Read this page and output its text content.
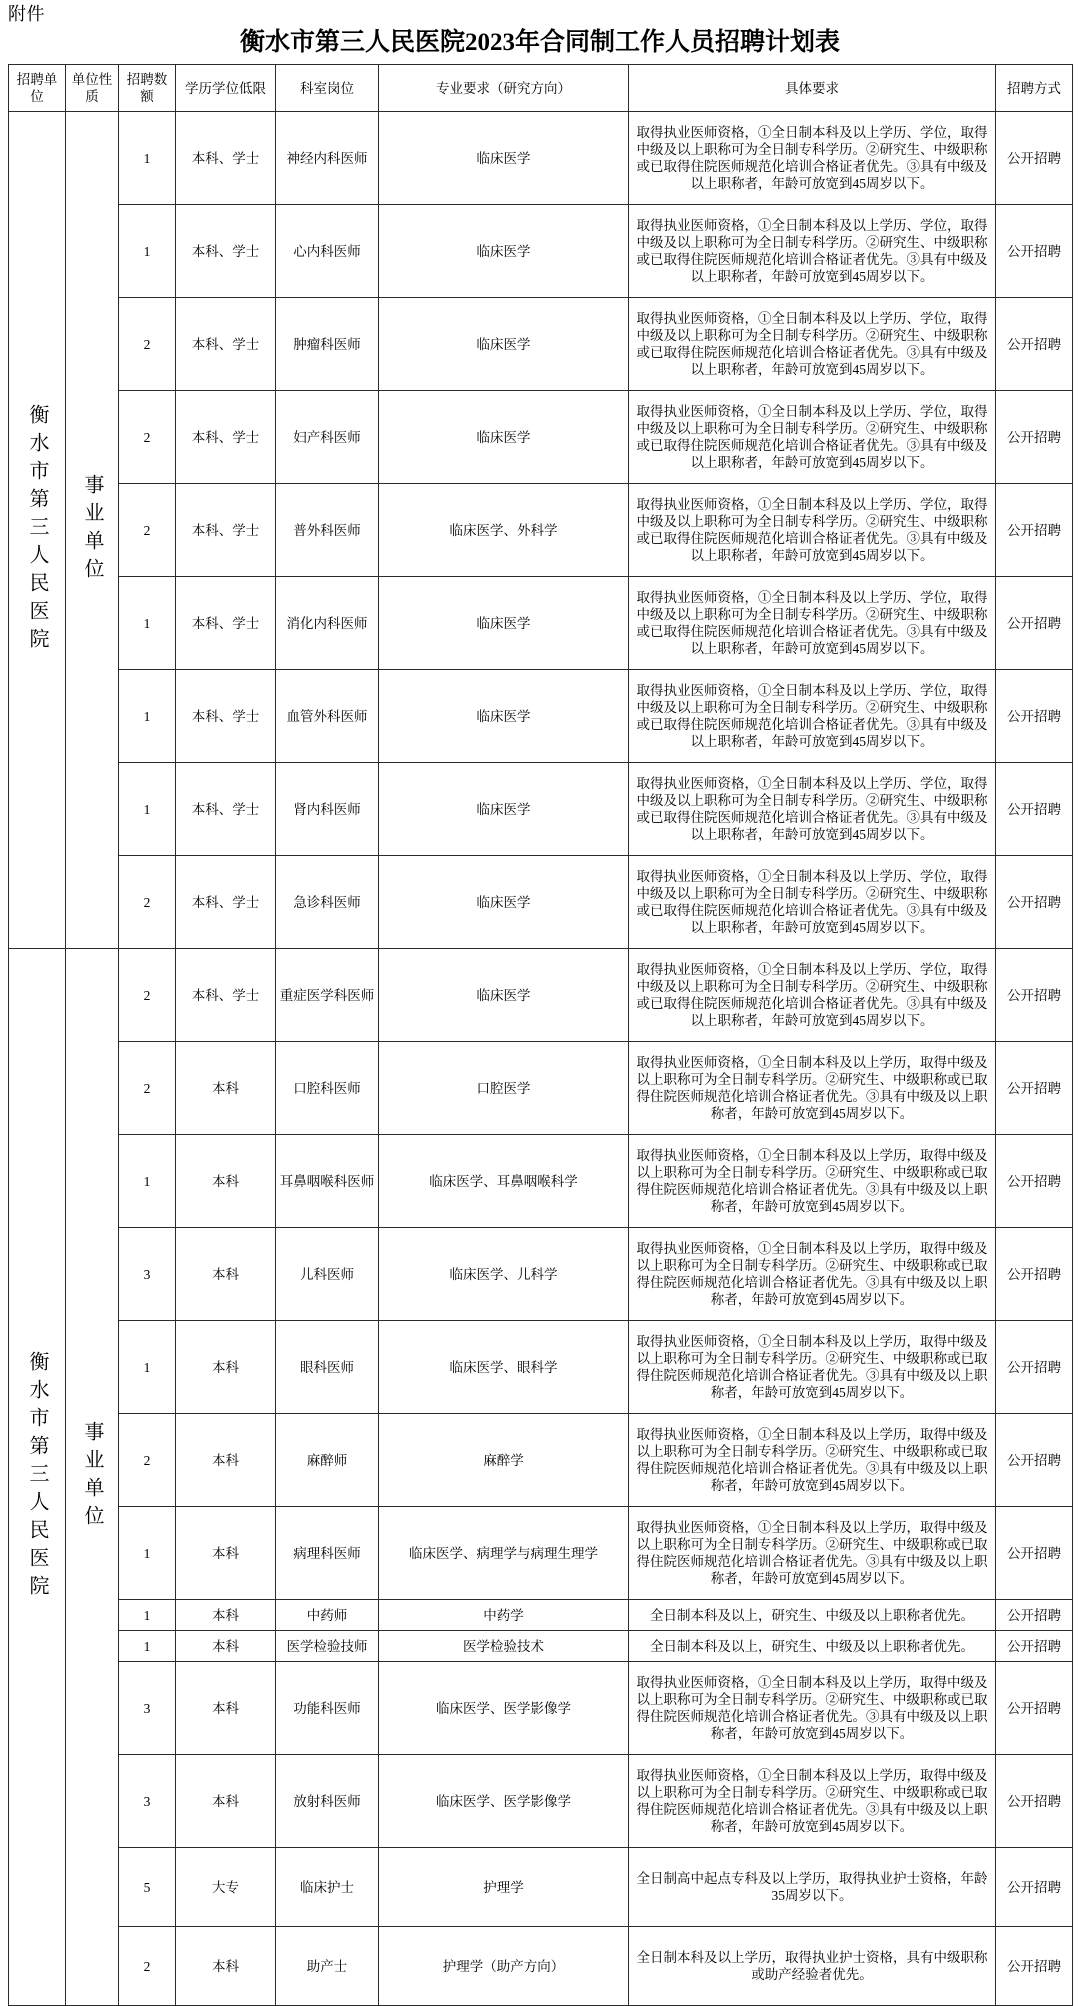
附件
衡水市第三人民医院2023年合同制工作人员招聘计划表
招聘单位	单位性质	招聘数额	学历学位低限	科室岗位	专业要求（研究方向）	具体要求	招聘方式

衡水市第三人民医院	事业单位	1	本科、学士	神经内科医师	临床医学	取得执业医师资格，①全日制本科及以上学历、学位，取得中级及以上职称可为全日制专科学历。②研究生、中级职称或已取得住院医师规范化培训合格证者优先。③具有中级及以上职称者，年龄可放宽到45周岁以下。	公开招聘
		1	本科、学士	心内科医师	临床医学	取得执业医师资格，①全日制本科及以上学历、学位，取得中级及以上职称可为全日制专科学历。②研究生、中级职称或已取得住院医师规范化培训合格证者优先。③具有中级及以上职称者，年龄可放宽到45周岁以下。	公开招聘
		2	本科、学士	肿瘤科医师	临床医学	取得执业医师资格，①全日制本科及以上学历、学位，取得中级及以上职称可为全日制专科学历。②研究生、中级职称或已取得住院医师规范化培训合格证者优先。③具有中级及以上职称者，年龄可放宽到45周岁以下。	公开招聘
		2	本科、学士	妇产科医师	临床医学	取得执业医师资格，①全日制本科及以上学历、学位，取得中级及以上职称可为全日制专科学历。②研究生、中级职称或已取得住院医师规范化培训合格证者优先。③具有中级及以上职称者，年龄可放宽到45周岁以下。	公开招聘
		2	本科、学士	普外科医师	临床医学、外科学	取得执业医师资格，①全日制本科及以上学历、学位，取得中级及以上职称可为全日制专科学历。②研究生、中级职称或已取得住院医师规范化培训合格证者优先。③具有中级及以上职称者，年龄可放宽到45周岁以下。	公开招聘
		1	本科、学士	消化内科医师	临床医学	取得执业医师资格，①全日制本科及以上学历、学位，取得中级及以上职称可为全日制专科学历。②研究生、中级职称或已取得住院医师规范化培训合格证者优先。③具有中级及以上职称者，年龄可放宽到45周岁以下。	公开招聘
		1	本科、学士	血管外科医师	临床医学	取得执业医师资格，①全日制本科及以上学历、学位，取得中级及以上职称可为全日制专科学历。②研究生、中级职称或已取得住院医师规范化培训合格证者优先。③具有中级及以上职称者，年龄可放宽到45周岁以下。	公开招聘
		1	本科、学士	肾内科医师	临床医学	取得执业医师资格，①全日制本科及以上学历、学位，取得中级及以上职称可为全日制专科学历。②研究生、中级职称或已取得住院医师规范化培训合格证者优先。③具有中级及以上职称者，年龄可放宽到45周岁以下。	公开招聘
		2	本科、学士	急诊科医师	临床医学	取得执业医师资格，①全日制本科及以上学历、学位，取得中级及以上职称可为全日制专科学历。②研究生、中级职称或已取得住院医师规范化培训合格证者优先。③具有中级及以上职称者，年龄可放宽到45周岁以下。	公开招聘

衡水市第三人民医院	事业单位	2	本科、学士	重症医学科医师	临床医学	取得执业医师资格，①全日制本科及以上学历、学位，取得中级及以上职称可为全日制专科学历。②研究生、中级职称或已取得住院医师规范化培训合格证者优先。③具有中级及以上职称者，年龄可放宽到45周岁以下。	公开招聘
		2	本科	口腔科医师	口腔医学	取得执业医师资格，①全日制本科及以上学历，取得中级及以上职称可为全日制专科学历。②研究生、中级职称或已取得住院医师规范化培训合格证者优先。③具有中级及以上职称者，年龄可放宽到45周岁以下。	公开招聘
		1	本科	耳鼻咽喉科医师	临床医学、耳鼻咽喉科学	取得执业医师资格，①全日制本科及以上学历，取得中级及以上职称可为全日制专科学历。②研究生、中级职称或已取得住院医师规范化培训合格证者优先。③具有中级及以上职称者，年龄可放宽到45周岁以下。	公开招聘
		3	本科	儿科医师	临床医学、儿科学	取得执业医师资格，①全日制本科及以上学历，取得中级及以上职称可为全日制专科学历。②研究生、中级职称或已取得住院医师规范化培训合格证者优先。③具有中级及以上职称者，年龄可放宽到45周岁以下。	公开招聘
		1	本科	眼科医师	临床医学、眼科学	取得执业医师资格，①全日制本科及以上学历，取得中级及以上职称可为全日制专科学历。②研究生、中级职称或已取得住院医师规范化培训合格证者优先。③具有中级及以上职称者，年龄可放宽到45周岁以下。	公开招聘
		2	本科	麻醉师	麻醉学	取得执业医师资格，①全日制本科及以上学历，取得中级及以上职称可为全日制专科学历。②研究生、中级职称或已取得住院医师规范化培训合格证者优先。③具有中级及以上职称者，年龄可放宽到45周岁以下。	公开招聘
		1	本科	病理科医师	临床医学、病理学与病理生理学	取得执业医师资格，①全日制本科及以上学历，取得中级及以上职称可为全日制专科学历。②研究生、中级职称或已取得住院医师规范化培训合格证者优先。③具有中级及以上职称者，年龄可放宽到45周岁以下。	公开招聘
		1	本科	中药师	中药学	全日制本科及以上，研究生、中级及以上职称者优先。	公开招聘
		1	本科	医学检验技师	医学检验技术	全日制本科及以上，研究生、中级及以上职称者优先。	公开招聘
		3	本科	功能科医师	临床医学、医学影像学	取得执业医师资格，①全日制本科及以上学历，取得中级及以上职称可为全日制专科学历。②研究生、中级职称或已取得住院医师规范化培训合格证者优先。③具有中级及以上职称者，年龄可放宽到45周岁以下。	公开招聘
		3	本科	放射科医师	临床医学、医学影像学	取得执业医师资格，①全日制本科及以上学历，取得中级及以上职称可为全日制专科学历。②研究生、中级职称或已取得住院医师规范化培训合格证者优先。③具有中级及以上职称者，年龄可放宽到45周岁以下。	公开招聘
		5	大专	临床护士	护理学	全日制高中起点专科及以上学历，取得执业护士资格，年龄35周岁以下。	公开招聘
		2	本科	助产士	护理学（助产方向）	全日制本科及以上学历，取得执业护士资格，具有中级职称或助产经验者优先。	公开招聘
